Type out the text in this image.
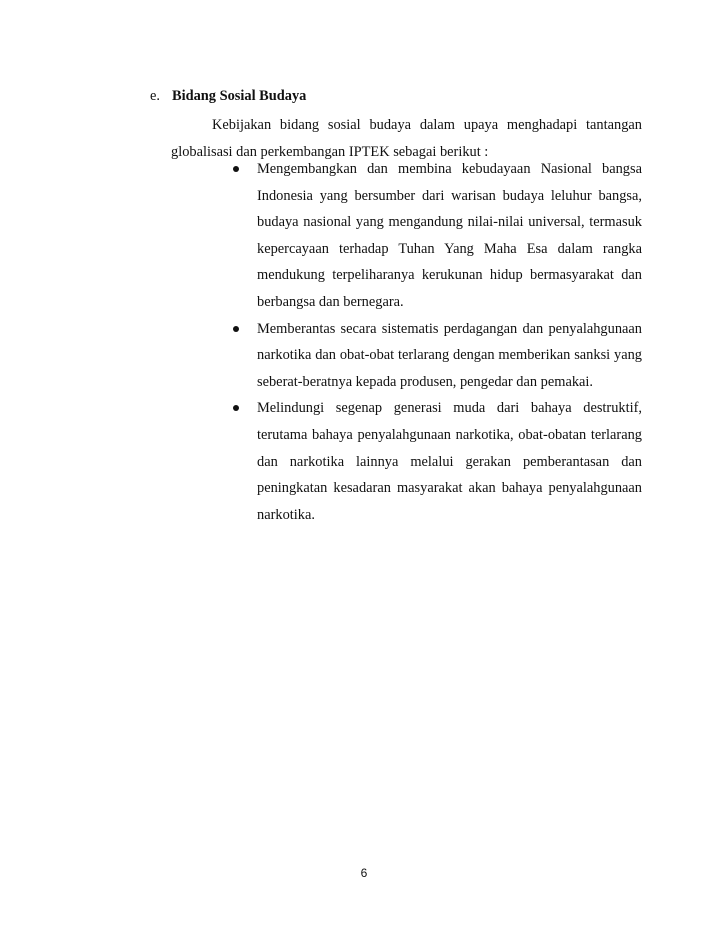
e. Bidang Sosial Budaya

Kebijakan bidang sosial budaya dalam upaya menghadapi tantangan globalisasi dan perkembangan IPTEK sebagai berikut :

Mengembangkan dan membina kebudayaan Nasional bangsa Indonesia yang bersumber dari warisan budaya leluhur bangsa, budaya nasional yang mengandung nilai-nilai universal, termasuk kepercayaan terhadap Tuhan Yang Maha Esa dalam rangka mendukung terpeliharanya kerukunan hidup bermasyarakat dan berbangsa dan bernegara.
Memberantas secara sistematis perdagangan dan penyalahgunaan narkotika dan obat-obat terlarang dengan memberikan sanksi yang seberat-beratnya kepada produsen, pengedar dan pemakai.
Melindungi segenap generasi muda dari bahaya destruktif, terutama bahaya penyalahgunaan narkotika, obat-obatan terlarang dan narkotika lainnya melalui gerakan pemberantasan dan peningkatan kesadaran masyarakat akan bahaya penyalahgunaan narkotika.
6
